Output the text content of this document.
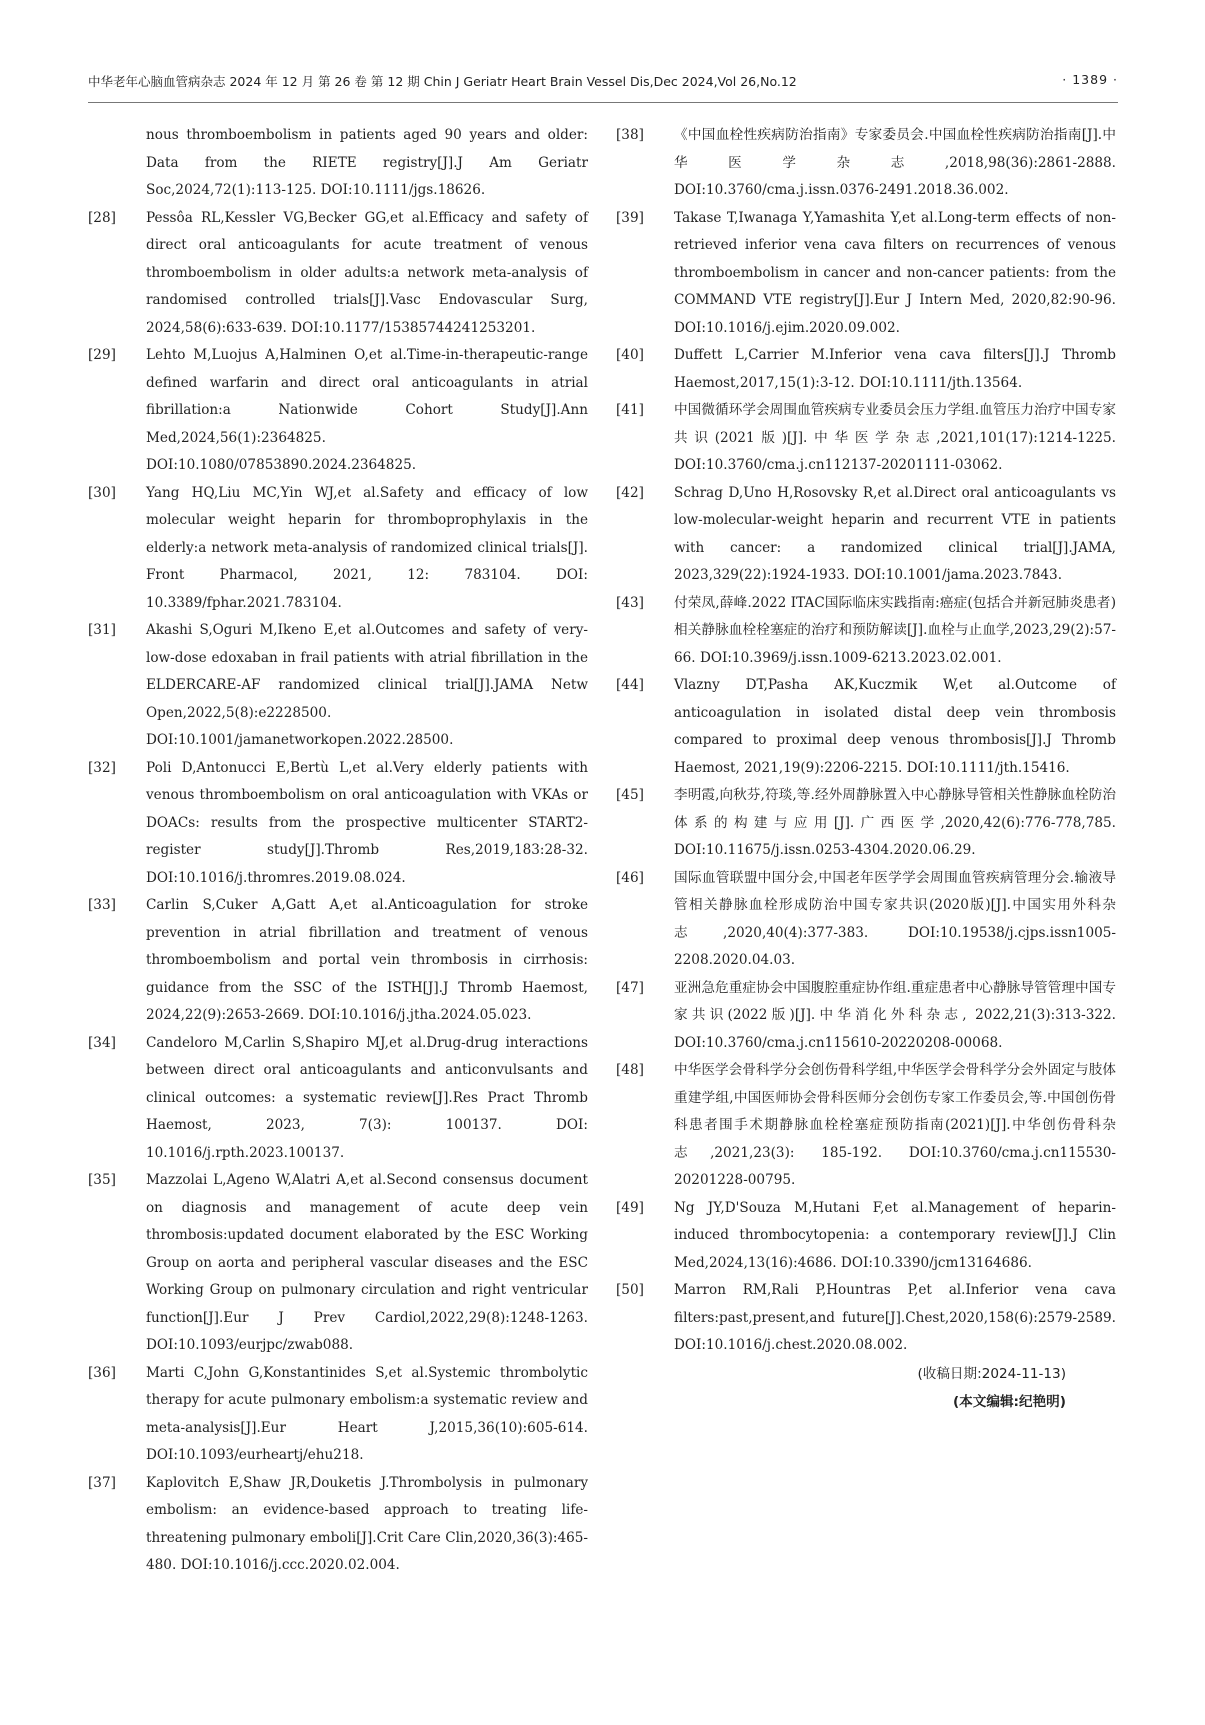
中华老年心脑血管病杂志 2024 年 12 月 第 26 卷 第 12 期 Chin J Geriatr Heart Brain Vessel Dis,Dec 2024,Vol 26,No.12	· 1389 ·
nous thromboembolism in patients aged 90 years and older: Data from the RIETE registry[J].J Am Geriatr Soc,2024,72(1):113-125. DOI:10.1111/jgs.18626.
[28]	Pessôa RL,Kessler VG,Becker GG,et al.Efficacy and safety of direct oral anticoagulants for acute treatment of venous thromboembolism in older adults:a network meta-analysis of randomised controlled trials[J].Vasc Endovascular Surg, 2024,58(6):633-639. DOI:10.1177/15385744241253201.
[29]	Lehto M,Luojus A,Halminen O,et al.Time-in-therapeutic-range defined warfarin and direct oral anticoagulants in atrial fibrillation:a Nationwide Cohort Study[J].Ann Med,2024,56(1):2364825. DOI:10.1080/07853890.2024.2364825.
[30]	Yang HQ,Liu MC,Yin WJ,et al.Safety and efficacy of low molecular weight heparin for thromboprophylaxis in the elderly:a network meta-analysis of randomized clinical trials[J]. Front Pharmacol, 2021, 12: 783104. DOI: 10.3389/fphar.2021.783104.
[31]	Akashi S,Oguri M,Ikeno E,et al.Outcomes and safety of very-low-dose edoxaban in frail patients with atrial fibrillation in the ELDERCARE-AF randomized clinical trial[J].JAMA Netw Open,2022,5(8):e2228500. DOI:10.1001/jamanetworkopen.2022.28500.
[32]	Poli D,Antonucci E,Bertù L,et al.Very elderly patients with venous thromboembolism on oral anticoagulation with VKAs or DOACs: results from the prospective multicenter START2-register study[J].Thromb Res,2019,183:28-32. DOI:10.1016/j.thromres.2019.08.024.
[33]	Carlin S,Cuker A,Gatt A,et al.Anticoagulation for stroke prevention in atrial fibrillation and treatment of venous thromboembolism and portal vein thrombosis in cirrhosis: guidance from the SSC of the ISTH[J].J Thromb Haemost, 2024,22(9):2653-2669. DOI:10.1016/j.jtha.2024.05.023.
[34]	Candeloro M,Carlin S,Shapiro MJ,et al.Drug-drug interactions between direct oral anticoagulants and anticonvulsants and clinical outcomes: a systematic review[J].Res Pract Thromb Haemost, 2023, 7(3): 100137. DOI: 10.1016/j.rpth.2023.100137.
[35]	Mazzolai L,Ageno W,Alatri A,et al.Second consensus document on diagnosis and management of acute deep vein thrombosis:updated document elaborated by the ESC Working Group on aorta and peripheral vascular diseases and the ESC Working Group on pulmonary circulation and right ventricular function[J].Eur J Prev Cardiol,2022,29(8):1248-1263. DOI:10.1093/eurjpc/zwab088.
[36]	Marti C,John G,Konstantinides S,et al.Systemic thrombolytic therapy for acute pulmonary embolism:a systematic review and meta-analysis[J].Eur Heart J,2015,36(10):605-614. DOI:10.1093/eurheartj/ehu218.
[37]	Kaplovitch E,Shaw JR,Douketis J.Thrombolysis in pulmonary embolism: an evidence-based approach to treating life-threatening pulmonary emboli[J].Crit Care Clin,2020,36(3):465-480. DOI:10.1016/j.ccc.2020.02.004.
[38]	《中国血栓性疾病防治指南》专家委员会.中国血栓性疾病防治指南[J].中华医学杂志,2018,98(36):2861-2888. DOI:10.3760/cma.j.issn.0376-2491.2018.36.002.
[39]	Takase T,Iwanaga Y,Yamashita Y,et al.Long-term effects of non-retrieved inferior vena cava filters on recurrences of venous thromboembolism in cancer and non-cancer patients: from the COMMAND VTE registry[J].Eur J Intern Med, 2020,82:90-96. DOI:10.1016/j.ejim.2020.09.002.
[40]	Duffett L,Carrier M.Inferior vena cava filters[J].J Thromb Haemost,2017,15(1):3-12. DOI:10.1111/jth.13564.
[41]	中国微循环学会周围血管疾病专业委员会压力学组.血管压力治疗中国专家共识(2021版)[J].中华医学杂志,2021,101(17):1214-1225. DOI:10.3760/cma.j.cn112137-20201111-03062.
[42]	Schrag D,Uno H,Rosovsky R,et al.Direct oral anticoagulants vs low-molecular-weight heparin and recurrent VTE in patients with cancer: a randomized clinical trial[J].JAMA, 2023,329(22):1924-1933. DOI:10.1001/jama.2023.7843.
[43]	付荣凤,薛峰.2022 ITAC国际临床实践指南:癌症(包括合并新冠肺炎患者)相关静脉血栓栓塞症的治疗和预防解读[J].血栓与止血学,2023,29(2):57-66. DOI:10.3969/j.issn.1009-6213.2023.02.001.
[44]	Vlazny DT,Pasha AK,Kuczmik W,et al.Outcome of anticoagulation in isolated distal deep vein thrombosis compared to proximal deep venous thrombosis[J].J Thromb Haemost, 2021,19(9):2206-2215. DOI:10.1111/jth.15416.
[45]	李明霞,向秋芬,符琰,等.经外周静脉置入中心静脉导管相关性静脉血栓防治体系的构建与应用[J].广西医学,2020,42(6):776-778,785. DOI:10.11675/j.issn.0253-4304.2020.06.29.
[46]	国际血管联盟中国分会,中国老年医学学会周围血管疾病管理分会.输液导管相关静脉血栓形成防治中国专家共识(2020版)[J].中国实用外科杂志,2020,40(4):377-383. DOI:10.19538/j.cjps.issn1005-2208.2020.04.03.
[47]	亚洲急危重症协会中国腹腔重症协作组.重症患者中心静脉导管管理中国专家共识(2022版)[J].中华消化外科杂志, 2022,21(3):313-322. DOI:10.3760/cma.j.cn115610-20220208-00068.
[48]	中华医学会骨科学分会创伤骨科学组,中华医学会骨科学分会外固定与肢体重建学组,中国医师协会骨科医师分会创伤专家工作委员会,等.中国创伤骨科患者围手术期静脉血栓栓塞症预防指南(2021)[J].中华创伤骨科杂志,2021,23(3): 185-192. DOI:10.3760/cma.j.cn115530-20201228-00795.
[49]	Ng JY,D'Souza M,Hutani F,et al.Management of heparin-induced thrombocytopenia: a contemporary review[J].J Clin Med,2024,13(16):4686. DOI:10.3390/jcm13164686.
[50]	Marron RM,Rali P,Hountras P,et al.Inferior vena cava filters:past,present,and future[J].Chest,2020,158(6):2579-2589. DOI:10.1016/j.chest.2020.08.002.
(收稿日期:2024-11-13)
(本文编辑:纪艳明)
